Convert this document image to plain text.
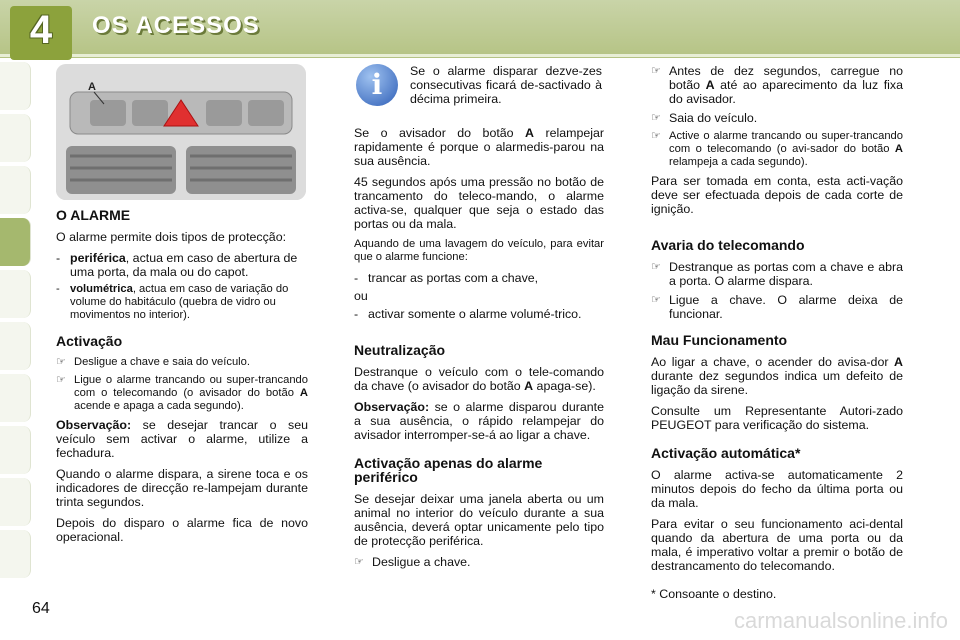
4	OS ACESSOS
A
O ALARME

O alarme permite dois tipos de protecção:

- periférica, actua em caso de abertura de uma porta, da mala ou do capot.
- volumétrica, actua em caso de variação do volume do habitáculo (quebra de vidro ou movimentos no interior).
Activação
☞ Desligue a chave e saia do veículo.
☞ Ligue o alarme trancando ou super-trancando com o telecomando (o avisador do botão A acende e apaga a cada segundo).

Observação: se desejar trancar o seu veículo sem activar o alarme, utilize a fechadura.

Quando o alarme dispara, a sirene toca e os indicadores de direcção re-lampejam durante trinta segundos.

Depois do disparo o alarme fica de novo operacional.

i	Se o alarme disparar dezve-zes consecutivas ficará de-sactivado à décima primeira.

Se o avisador do botão A relampejar rapidamente é porque o alarmedis-parou na sua ausência.

45 segundos após uma pressão no botão de trancamento do teleco-mando, o alarme activa-se, qualquer que seja o estado das portas ou da mala.

Aquando de uma lavagem do veículo, para evitar que o alarme funcione:

- trancar as portas com a chave,

ou

- activar somente o alarme volumé-trico.
Neutralização

Destranque o veículo com o tele-comando da chave (o avisador do botão A apaga-se).

Observação: se o alarme disparou durante a sua ausência, o rápido relampejar do avisador interromper-se-á ao ligar a chave.

Activação apenas do alarme periférico

Se desejar deixar uma janela aberta ou um animal no interior do veículo durante a sua ausência, deverá optar unicamente pelo tipo de protecção periférica.

☞ Desligue a chave.
☞ Antes de dez segundos, carregue no botão A até ao aparecimento da luz fixa do avisador.
☞ Saia do veículo.
☞ Active o alarme trancando ou super-trancando com o telecomando (o avi-sador do botão A relampeja a cada segundo).

Para ser tomada em conta, esta acti-vação deve ser efectuada depois de cada corte de ignição.

Avaria do telecomando
☞ Destranque as portas com a chave e abra a porta. O alarme dispara.
☞ Ligue a chave. O alarme deixa de funcionar.
Mau Funcionamento

Ao ligar a chave, o acender do avisa-dor A durante dez segundos indica um defeito de ligação da sirene.

Consulte um Representante Autori-zado PEUGEOT para verificação do sistema.

Activação automática*

O alarme activa-se automaticamente 2 minutos depois do fecho da última porta ou da mala.

Para evitar o seu funcionamento aci-dental quando da abertura de uma porta ou da mala, é imperativo voltar a premir o botão de destrancamento do telecomando.

* Consoante o destino.

64	carmanualsonline.info
